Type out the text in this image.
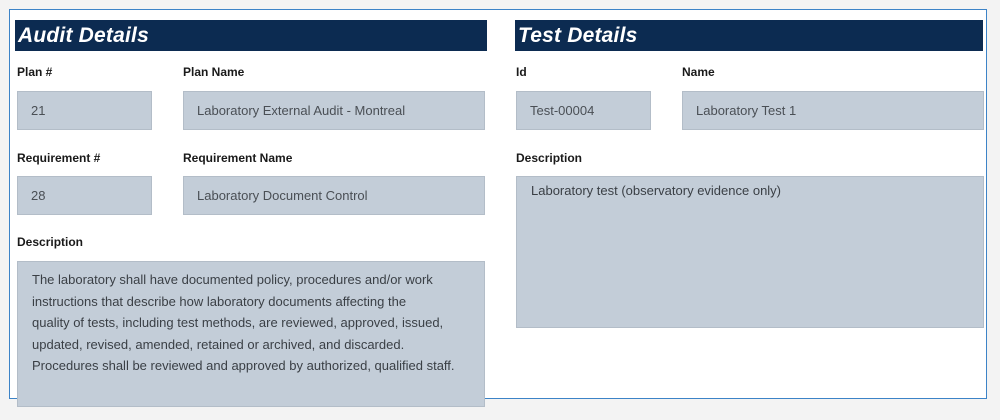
Audit Details
Plan #
21
Plan Name
Laboratory External Audit - Montreal
Requirement #
28
Requirement Name
Laboratory Document Control
Description
The laboratory shall have documented policy, procedures and/or work
instructions that describe how laboratory documents affecting the
quality of tests, including test methods, are reviewed, approved, issued,
updated, revised, amended, retained or archived, and discarded.
Procedures shall be reviewed and approved by authorized, qualified staff.
Test Details
Id
Test-00004
Name
Laboratory Test 1
Description
Laboratory test (observatory evidence only)
